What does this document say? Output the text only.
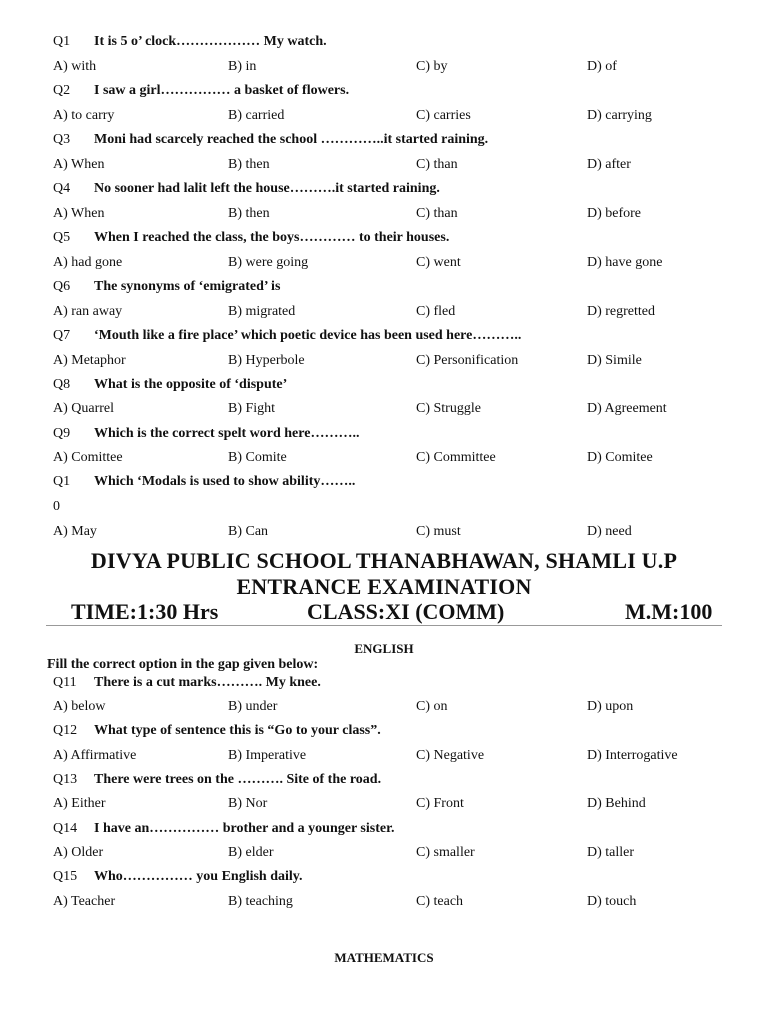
Q1 It is 5 o’ clock……………… My watch.
A) with	B) in	C) by	D) of
Q2 I saw a girl…………… a basket of flowers.
A) to carry	B) carried	C) carries	D) carrying
Q3 Moni had scarcely reached the school …………..it started raining.
A) When	B) then	C) than	D) after
Q4 No sooner had lalit left the house……….it started raining.
A) When	B) then	C) than	D) before
Q5 When I reached the class, the boys………… to their houses.
A) had gone	B) were going	C) went	D) have gone
Q6 The synonyms of ‘emigrated’ is
A) ran away	B) migrated	C) fled	D) regretted
Q7 ‘Mouth like a fire place’ which poetic device has been used here………..
A) Metaphor	B) Hyperbole	C) Personification	D) Simile
Q8 What is the opposite of ‘dispute’
A) Quarrel	B) Fight	C) Struggle	D) Agreement
Q9 Which is the correct spelt word here………..
A) Comittee	B) Comite	C) Committee	D) Comitee
Q1 Which ‘Modals is used to show ability……..
0
A) May	B) Can	C) must	D) need
DIVYA PUBLIC SCHOOL THANABHAWAN, SHAMLI U.P
ENTRANCE EXAMINATION
TIME:1:30 Hrs	CLASS:XI (COMM)	M.M:100
ENGLISH
Fill the correct option in the gap given below:
Q11 There is a cut marks………. My knee.
A) below	B) under	C) on	D) upon
Q12 What type of sentence this is “Go to your class”.
A) Affirmative	B) Imperative	C) Negative	D) Interrogative
Q13 There were trees on the ………. Site of the road.
A) Either	B) Nor	C) Front	D) Behind
Q14 I have an…………… brother and a younger sister.
A) Older	B) elder	C) smaller	D) taller
Q15 Who…………… you English daily.
A) Teacher	B) teaching	C) teach	D) touch
MATHEMATICS
